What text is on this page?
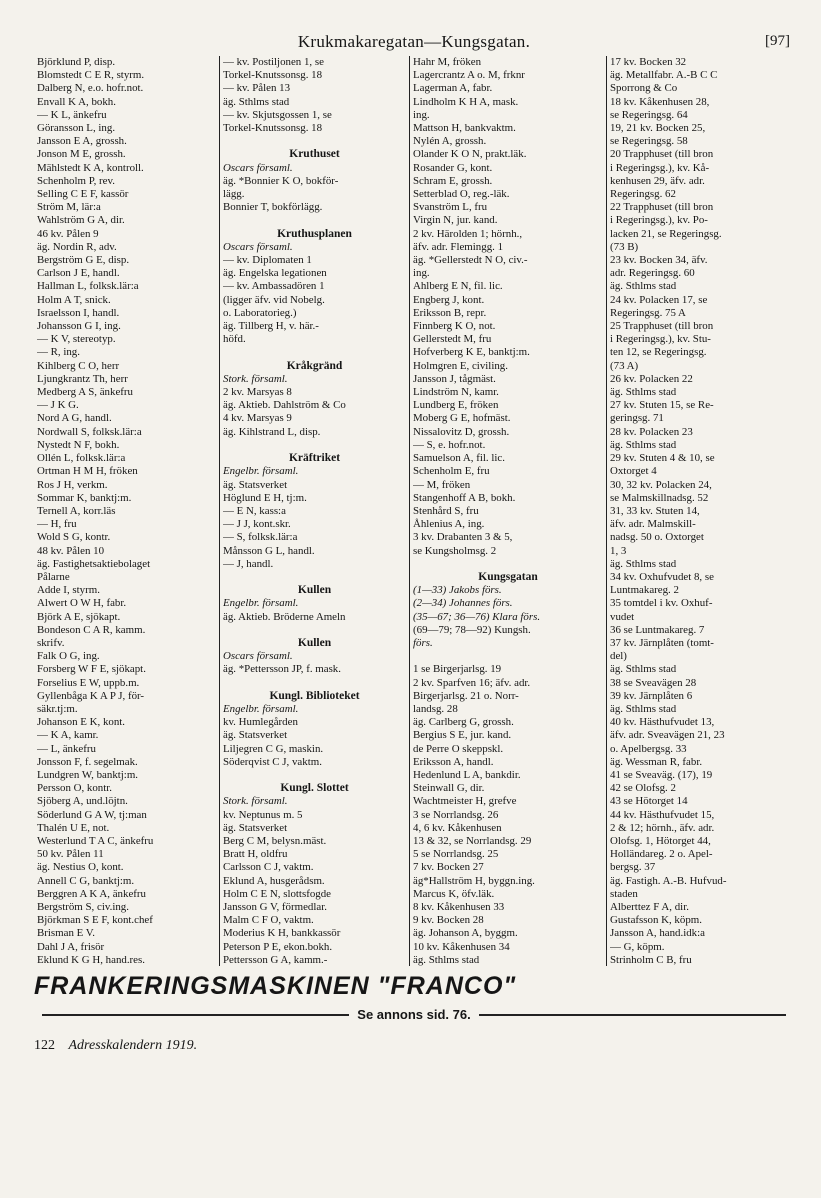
Krukmakaregatan—Kungsgatan.	[97]
Björklund P, disp.
Blomstedt C E R, styrm.
Dalberg N, e.o. hofr.not.
Envall K A, bokh.
— K L, änkefru
Göransson L, ing.
Jansson E A, grossh.
Jonson M E, grossh.
Mählstedt K A, kontroll.
Schenholm P, rev.
Selling C E F, kassör
Ström M, lär:a
Wahlström G A, dir.
46 kv. Pålen 9
äg. Nordin R, adv.
Bergström G E, disp.
Carlson J E, handl.
Hallman L, folksk.lär:a
Holm A T, snick.
Israelsson I, handl.
Johansson G I, ing.
— K V, stereotyp.
— R, ing.
Kihlberg C O, herr
Ljungkrantz Th, herr
Medberg A S, änkefru
— J K G.
Nord A G, handl.
Nordwall S, folksk.lär:a
Nystedt N F, bokh.
Ollén L, folksk.lär:a
Ortman H M H, fröken
Ros J H, verkm.
Sommar K, banktj:m.
Ternell A, korr.läs
— H, fru
Wold S G, kontr.
48 kv. Pålen 10
äg. Fastighetsaktiebolaget
Pålarne
Adde I, styrm.
Alwert O W H, fabr.
Björk A E, sjökapt.
Bondeson C A R, kamm.
skrifv.
Falk O G, ing.
Forsberg W F E, sjökapt.
Forselius E W, uppb.m.
Gyllenbåga K A P J, för-
säkr.tj:m.
Johanson E K, kont.
— K A, kamr.
— L, änkefru
Jonsson F, f. segelmak.
Lundgren W, banktj:m.
Persson O, kontr.
Sjöberg A, und.löjtn.
Söderlund G A W, tj:man
Thalén U E, not.
Westerlund T A C, änkefru
50 kv. Pålen 11
äg. Nestius O, kont.
Annell C G, banktj:m.
Berggren A K A, änkefru
Bergström S, civ.ing.
Björkman S E F, kont.chef
Brisman E V.
Dahl J A, frisör
Eklund K G H, hand.res.
— kv. Postiljonen 1, se
Torkel-Knutssonsg. 18
— kv. Pålen 13
äg. Sthlms stad
— kv. Skjutsgossen 1, se
Torkel-Knutssonsg. 18

Kruthuset
Oscars församl.
äg. *Bonnier K O, bokför-
lägg.
Bonnier T, bokförlägg.

Kruthusplanen
Oscars församl.
— kv. Diplomaten 1
äg. Engelska legationen
— kv. Ambassadören 1
(ligger äfv. vid Nobelg.
o. Laboratorieg.)
äg. Tillberg H, v. här.-
höfd.

Kråkgränd
Stork. församl.
2 kv. Marsyas 8
äg. Aktieb. Dahlström & Co
4 kv. Marsyas 9
äg. Kihlstrand L, disp.

Kräftriket
Engelbr. församl.
äg. Statsverket
Höglund E H, tj:m.
— E N, kass:a
— J J, kont.skr.
— S, folksk.lär:a
Månsson G L, handl.
— J, handl.

Kullen
Engelbr. församl.
äg. Aktieb. Bröderne Ameln

Kullen
Oscars församl.
äg. *Pettersson JP, f. mask.

Kungl. Biblioteket
Engelbr. församl.
kv. Humlegården
äg. Statsverket
Liljegren C G, maskin.
Söderqvist C J, vaktm.

Kungl. Slottet
Stork. församl.
kv. Neptunus m. 5
äg. Statsverket
Berg C M, belysn.mäst.
Bratt H, oldfru
Carlsson C J, vaktm.
Eklund A, husgerådsm.
Holm C E N, slottsfogde
Jansson G V, förmedlar.
Malm C F O, vaktm.
Moderius K H, bankkassör
Peterson P E, ekon.bokh.
Pettersson G A, kamm.-

Hahr M, fröken
Lagercrantz A o. M, frknr
Lagerman A, fabr.
Lindholm K H A, mask.
ing.
Mattson H, bankvaktm.
Nylén A, grossh.
Olander K O N, prakt.läk.
Rosander G, kont.
Schram E, grossh.
Setterblad O, reg.-läk.
Svanström L, fru
Virgin N, jur. kand.
2 kv. Härolden 1; hörnh.,
äfv. adr. Flemingg. 1
äg. *Gellerstedt N O, civ.-
ing.
Ahlberg E N, fil. lic.
Engberg J, kont.
Eriksson B, repr.
Finnberg K O, not.
Gellerstedt M, fru
Hofverberg K E, banktj:m.
Holmgren E, civiling.
Jansson J, tågmäst.
Lindström N, kamr.
Lundberg E, fröken
Moberg G E, hofmäst.
Nissalovitz D, grossh.
— S, e. hofr.not.
Samuelson A, fil. lic.
Schenholm E, fru
— M, fröken
Stangenhoff A B, bokh.
Stenhård S, fru
Åhlenius A, ing.
3 kv. Drabanten 3 & 5,
se Kungsholmsg. 2

Kungsgatan
(1—33) Jakobs förs.
(2—34) Johannes förs.
(35—67; 36—76) Klara förs.
(69—79; 78—92) Kungsh.
förs.

1 se Birgerjarlsg. 19
2 kv. Sparfven 16; äfv. adr.
Birgerjarlsg. 21 o. Norr-
landsg. 28
äg. Carlberg G, grossh.
Bergius S E, jur. kand.
de Perre O skeppskl.
Eriksson A, handl.
Hedenlund L A, bankdir.
Steinwall G, dir.
Wachtmeister H, grefve
3 se Norrlandsg. 26
4, 6 kv. Kåkenhusen
13 & 32, se Norrlandsg. 29
5 se Norrlandsg. 25
7 kv. Bocken 27
äg*Hallström H, byggn.ing.
Marcus K, öfv.läk.
8 kv. Kåkenhusen 33
9 kv. Bocken 28
äg. Johanson A, byggm.
10 kv. Kåkenhusen 34
äg. Sthlms stad
17 kv. Bocken 32
äg. Metallfabr. A.-B C C
Sporrong & Co
18 kv. Kåkenhusen 28,
se Regeringsg. 64
19, 21 kv. Bocken 25,
se Regeringsg. 58
20 Trapphuset (till bron
i Regeringsg.), kv. Kå-
kenhusen 29, äfv. adr.
Regeringsg. 62
22 Trapphuset (till bron
i Regeringsg.), kv. Po-
lacken 21, se Regeringsg.
(73 B)
23 kv. Bocken 34, äfv.
adr. Regeringsg. 60
äg. Sthlms stad
24 kv. Polacken 17, se
Regeringsg. 75 A
25 Trapphuset (till bron
i Regeringsg.), kv. Stu-
ten 12, se Regeringsg.
(73 A)
26 kv. Polacken 22
äg. Sthlms stad
27 kv. Stuten 15, se Re-
geringsg. 71
28 kv. Polacken 23
äg. Sthlms stad
29 kv. Stuten 4 & 10, se
Oxtorget 4
30, 32 kv. Polacken 24,
se Malmskillnadsg. 52
31, 33 kv. Stuten 14,
äfv. adr. Malmskill-
nadsg. 50 o. Oxtorget
1, 3
äg. Sthlms stad
34 kv. Oxhufvudet 8, se
Luntmakareg. 2
35 tomtdel i kv. Oxhuf-
vudet
36 se Luntmakareg. 7
37 kv. Järnplåten (tomt-
del)
äg. Sthlms stad
38 se Sveavägen 28
39 kv. Järnplåten 6
äg. Sthlms stad
40 kv. Hästhufvudet 13,
äfv. adr. Sveavägen 21, 23
o. Apelbergsg. 33
äg. Wessman R, fabr.
41 se Sveaväg. (17), 19
42 se Olofsg. 2
43 se Hötorget 14
44 kv. Hästhufvudet 15,
2 & 12; hörnh., äfv. adr.
Olofsg. 1, Hötorget 44,
Holländareg. 2 o. Apel-
bergsg. 37
äg. Fastigh. A.-B. Hufvud-
staden
Alberttez F A, dir.
Gustafsson K, köpm.
Jansson A, hand.idk:a
— G, köpm.
Strinholm C B, fru
FRANKERINGSMASKINEN "FRANCO"
Se annons sid. 76.
122 Adresskalendern 1919.
